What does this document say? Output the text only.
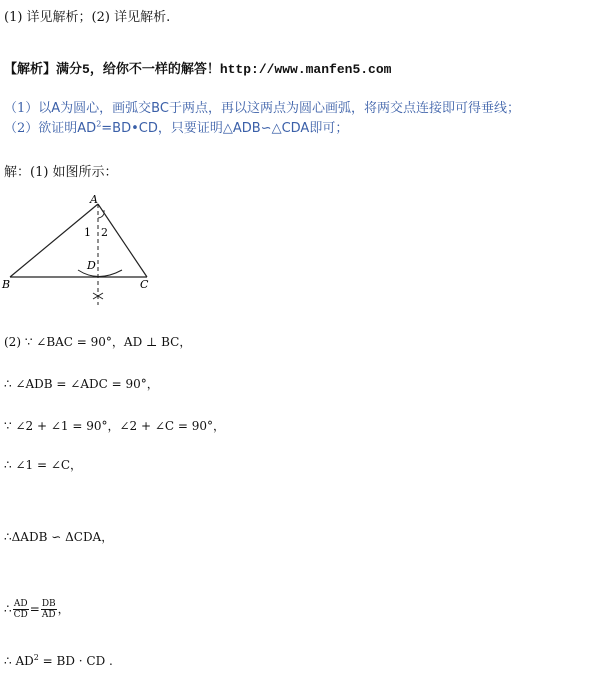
(1) 详见解析；(2) 详见解析.
【解析】满分5，给你不一样的解答！http://www.manfen5.com
（1）以A为圆心，画弧交BC于两点，再以这两点为圆心画弧，将两交点连接即可得垂线；
（2）欲证明$AD^2=BD•CD$，只要证明△ADB∽△CDA即可；
解：(1) 如图所示：
A
B	C
D
1 2
(2) ∵ ∠BAC = 90°，AD ⊥ BC，
∴ ∠ADB = ∠ADC = 90°，
∵ ∠2 + ∠1 = 90°，∠2 + ∠C = 90°，
∴ ∠1 = ∠C，
∴ΔADB ∽ ΔCDA，
∴ $\frac{AD}{CD} = \frac{DB}{AD}$ ，
∴ $AD^2$ = BD · CD .
